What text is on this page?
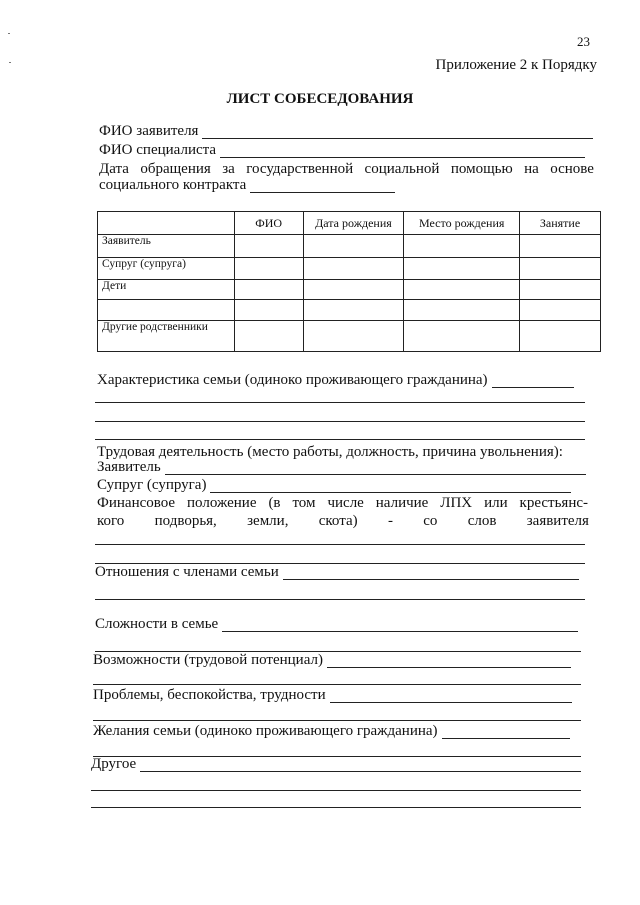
23
Приложение 2 к Порядку
ЛИСТ СОБЕСЕДОВАНИЯ
ФИО заявителя
ФИО специалиста
Дата обращения за государственной социальной помощью на основе
социального контракта
	ФИО	Дата рождения	Место рождения	Занятие
Заявитель				
Супруг (супруга)				
Дети				

Другие родственники				
Характеристика семьи (одиноко проживающего гражданина)
Трудовая деятельность (место работы, должность, причина увольнения):
Заявитель
Супруг (супруга)
Финансовое положение (в том числе наличие ЛПХ или крестьянс-
кого подворья, земли, скота) - со слов заявителя
Отношения с членами семьи
Сложности в семье
Возможности (трудовой потенциал)
Проблемы, беспокойства, трудности
Желания семьи (одиноко проживающего гражданина)
Другое
